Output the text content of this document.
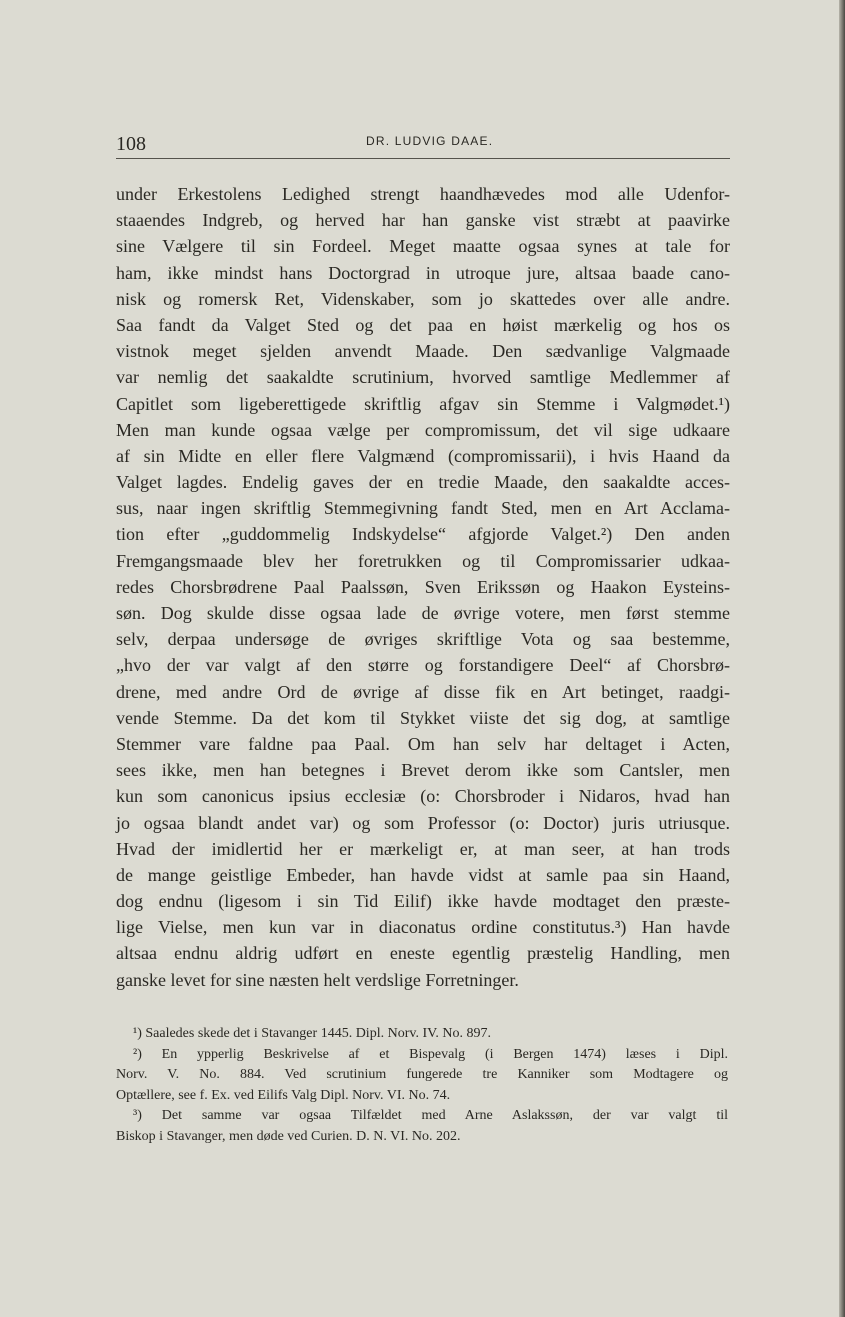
108	DR. LUDVIG DAAE.
under Erkestolens Ledighed strengt haandhævedes mod alle Udenfor-
staaendes Indgreb, og herved har han ganske vist stræbt at paavirke
sine Vælgere til sin Fordeel. Meget maatte ogsaa synes at tale for
ham, ikke mindst hans Doctorgrad in utroque jure, altsaa baade cano-
nisk og romersk Ret, Videnskaber, som jo skattedes over alle andre.
Saa fandt da Valget Sted og det paa en høist mærkelig og hos os
vistnok meget sjelden anvendt Maade. Den sædvanlige Valgmaade
var nemlig det saakaldte scrutinium, hvorved samtlige Medlemmer af
Capitlet som ligeberettigede skriftlig afgav sin Stemme i Valgmødet.¹)
Men man kunde ogsaa vælge per compromissum, det vil sige udkaare
af sin Midte en eller flere Valgmænd (compromissarii), i hvis Haand da
Valget lagdes. Endelig gaves der en tredie Maade, den saakaldte acces-
sus, naar ingen skriftlig Stemmegivning fandt Sted, men en Art Acclama-
tion efter „guddommelig Indskydelse“ afgjorde Valget.²) Den anden
Fremgangsmaade blev her foretrukken og til Compromissarier udkaa-
redes Chorsbrødrene Paal Paalssøn, Sven Erikssøn og Haakon Eysteins-
søn. Dog skulde disse ogsaa lade de øvrige votere, men først stemme
selv, derpaa undersøge de øvriges skriftlige Vota og saa bestemme,
„hvo der var valgt af den større og forstandigere Deel“ af Chorsbrø-
drene, med andre Ord de øvrige af disse fik en Art betinget, raadgi-
vende Stemme. Da det kom til Stykket viiste det sig dog, at samtlige
Stemmer vare faldne paa Paal. Om han selv har deltaget i Acten,
sees ikke, men han betegnes i Brevet derom ikke som Cantsler, men
kun som canonicus ipsius ecclesiæ (o: Chorsbroder i Nidaros, hvad han
jo ogsaa blandt andet var) og som Professor (o: Doctor) juris utriusque.
Hvad der imidlertid her er mærkeligt er, at man seer, at han trods
de mange geistlige Embeder, han havde vidst at samle paa sin Haand,
dog endnu (ligesom i sin Tid Eilif) ikke havde modtaget den præste-
lige Vielse, men kun var in diaconatus ordine constitutus.³) Han havde
altsaa endnu aldrig udført en eneste egentlig præstelig Handling, men
ganske levet for sine næsten helt verdslige Forretninger.
¹) Saaledes skede det i Stavanger 1445. Dipl. Norv. IV. No. 897.
²) En ypperlig Beskrivelse af et Bispevalg (i Bergen 1474) læses i Dipl.
Norv. V. No. 884. Ved scrutinium fungerede tre Kanniker som Modtagere og
Optællere, see f. Ex. ved Eilifs Valg Dipl. Norv. VI. No. 74.
³) Det samme var ogsaa Tilfældet med Arne Aslakssøn, der var valgt til
Biskop i Stavanger, men døde ved Curien. D. N. VI. No. 202.
